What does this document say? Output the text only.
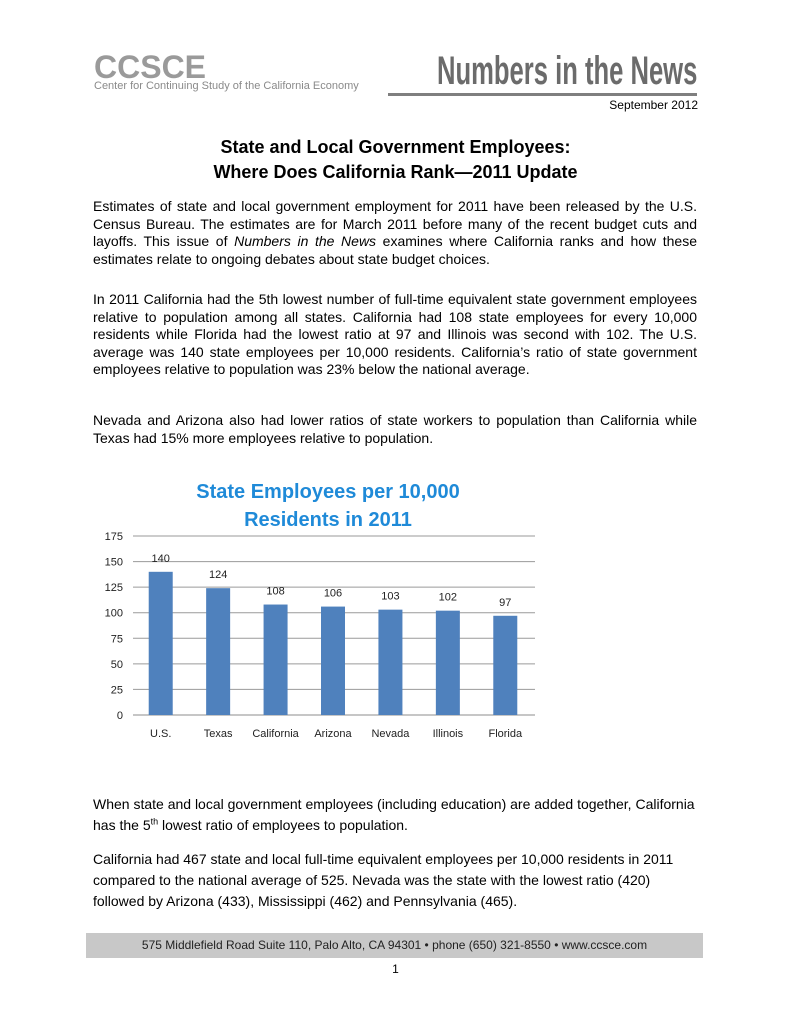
CCSCE
Center for Continuing Study of the California Economy Numbers in the News
September 2012
State and Local Government Employees:
Where Does California Rank—2011 Update
Estimates of state and local government employment for 2011 have been released by the U.S. Census Bureau. The estimates are for March 2011 before many of the recent budget cuts and layoffs. This issue of Numbers in the News examines where California ranks and how these estimates relate to ongoing debates about state budget choices.
In 2011 California had the 5th lowest number of full-time equivalent state government employees relative to population among all states. California had 108 state employees for every 10,000 residents while Florida had the lowest ratio at 97 and Illinois was second with 102. The U.S. average was 140 state employees per 10,000 residents. California’s ratio of state government employees relative to population was 23% below the national average.
Nevada and Arizona also had lower ratios of state workers to population than California while Texas had 15% more employees relative to population.
0
25
50
75
100
125
150
175
140
124
108	106	103	102	97
U.S.	Texas California Arizona Nevada Illinois Florida
State Employees per 10,000
Residents in 2011
When state and local government employees (including education) are added together, California has the 5th lowest ratio of employees to population.
California had 467 state and local full-time equivalent employees per 10,000 residents in 2011 compared to the national average of 525. Nevada was the state with the lowest ratio (420) followed by Arizona (433), Mississippi (462) and Pennsylvania (465).
575 Middlefield Road Suite 110, Palo Alto, CA 94301 • phone (650) 321-8550 • www.ccsce.com
1
